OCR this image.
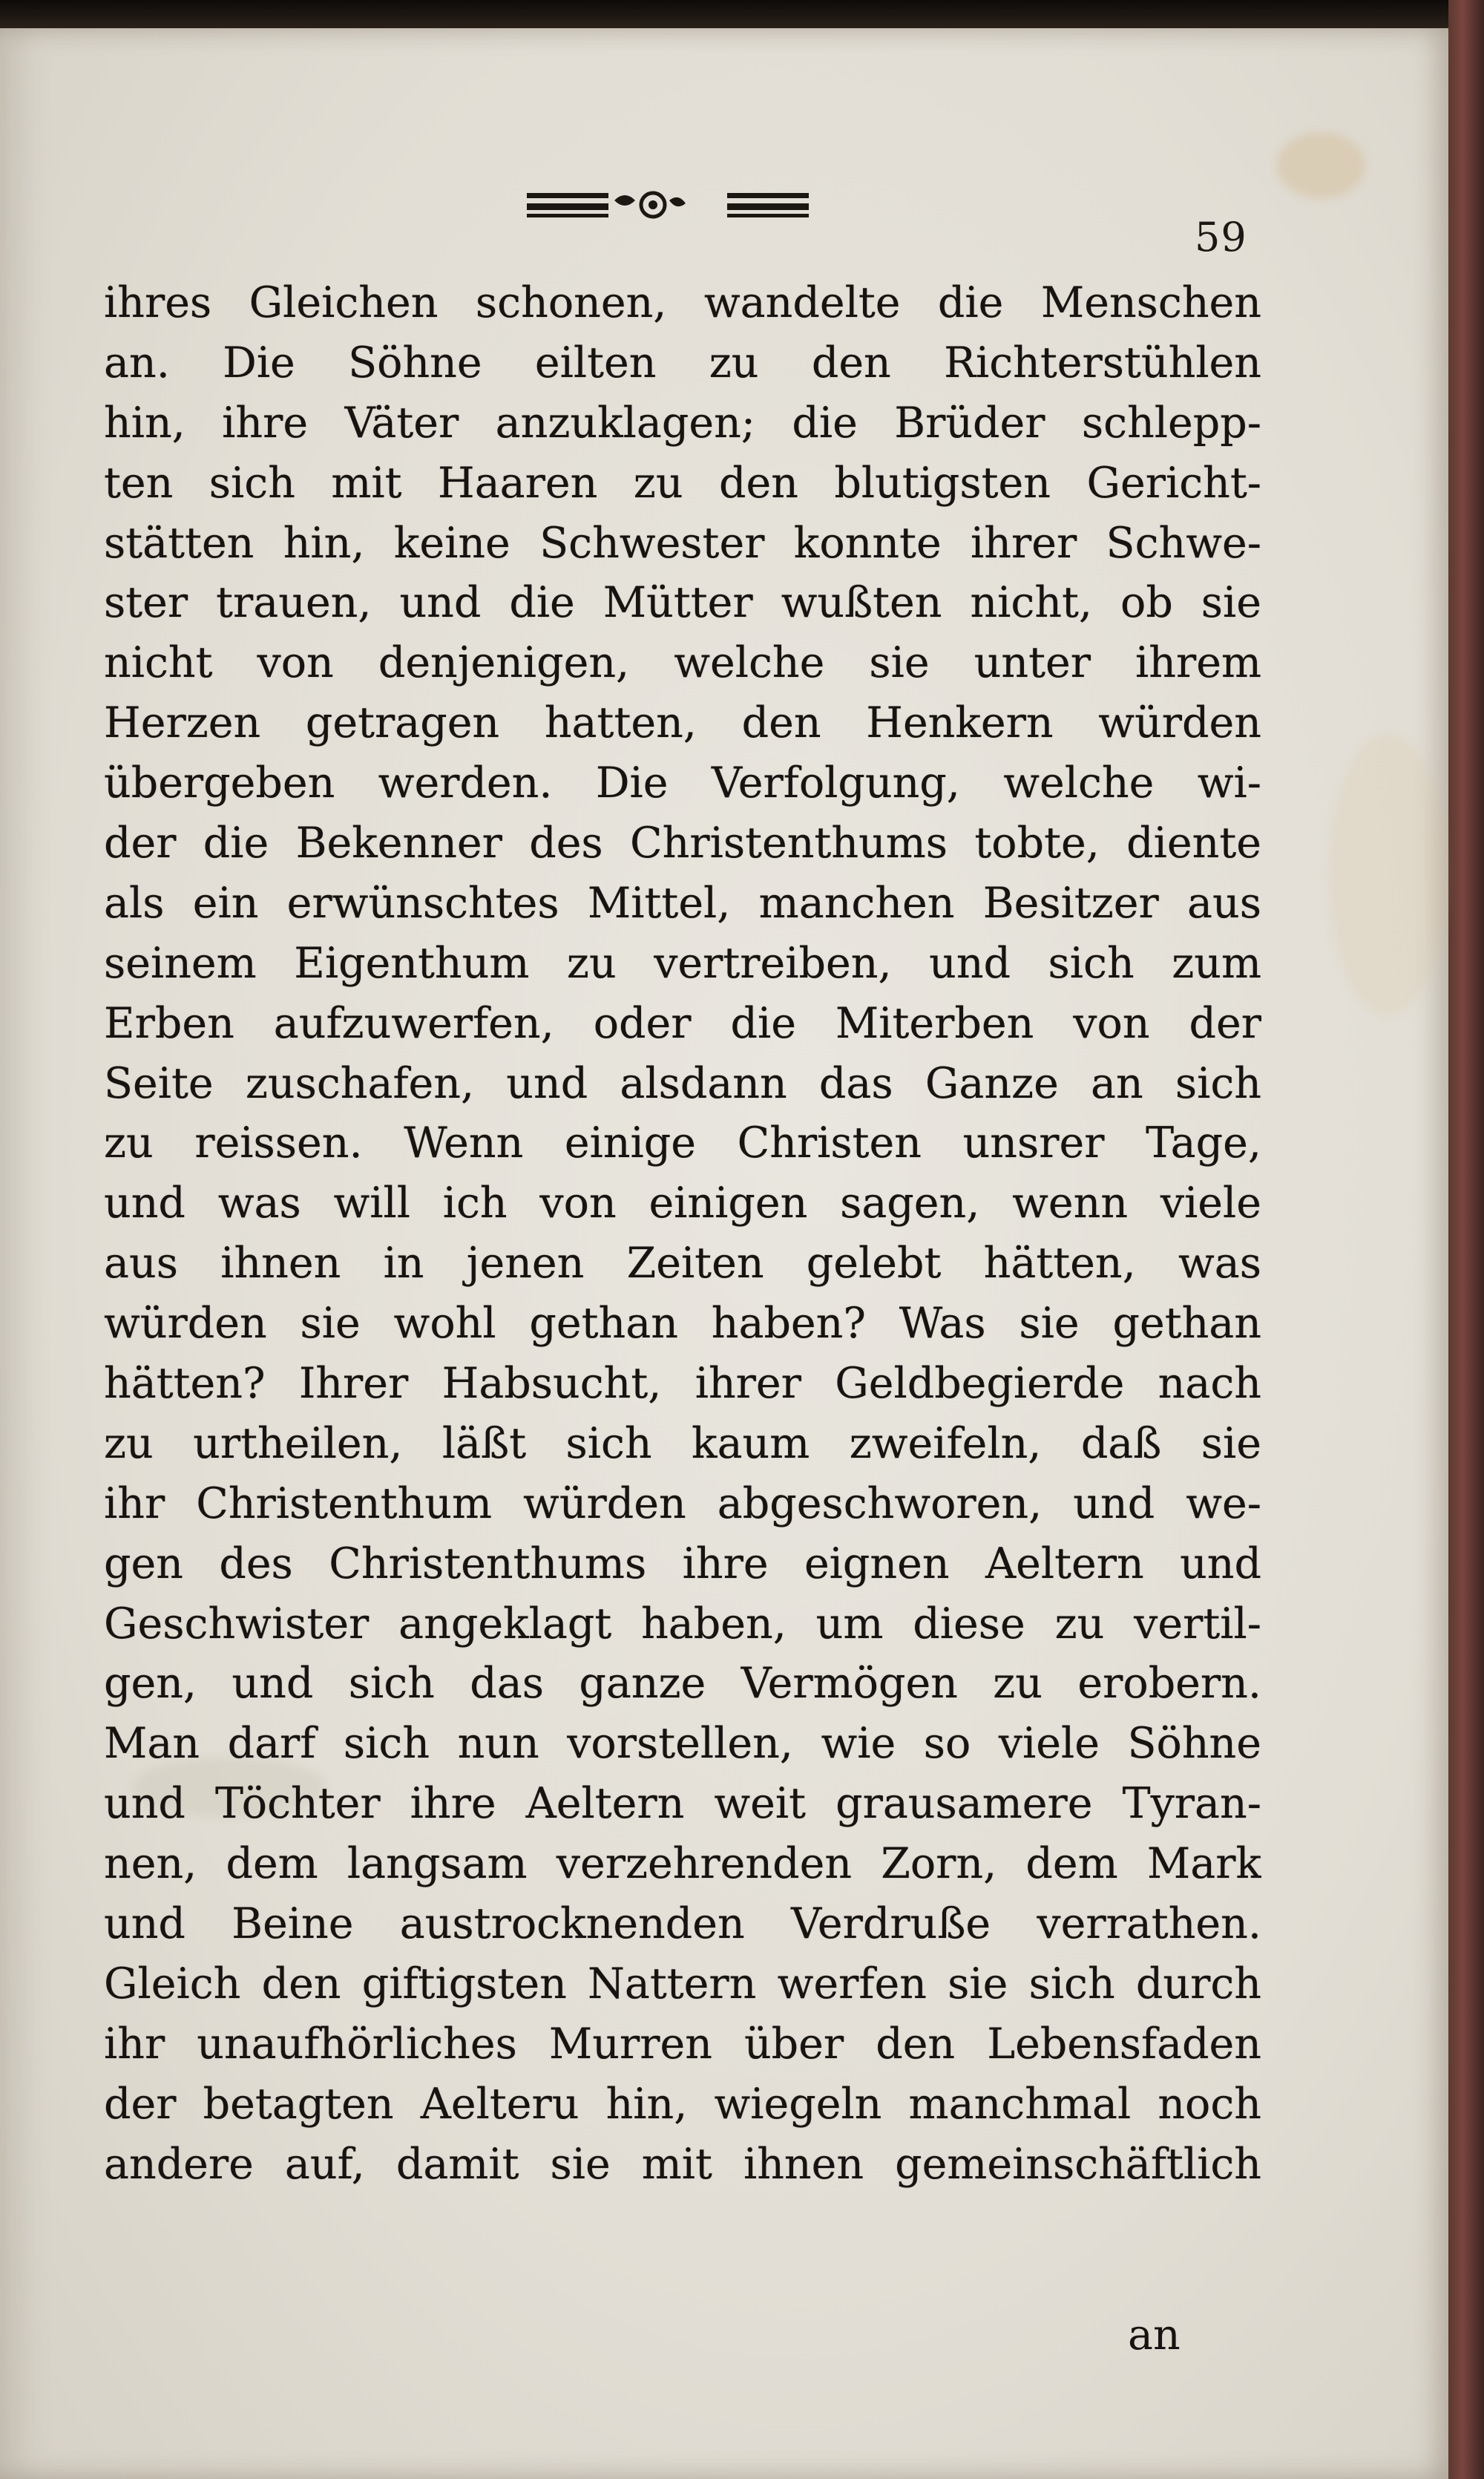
59
ihres Gleichen schonen, wandelte die Menschen
an. Die Söhne eilten zu den Richterstühlen
hin, ihre Väter anzuklagen; die Brüder schlepp-
ten sich mit Haaren zu den blutigsten Gericht-
stätten hin, keine Schwester konnte ihrer Schwe-
ster trauen, und die Mütter wußten nicht, ob sie
nicht von denjenigen, welche sie unter ihrem
Herzen getragen hatten, den Henkern würden
übergeben werden. Die Verfolgung, welche wi-
der die Bekenner des Christenthums tobte, diente
als ein erwünschtes Mittel, manchen Besitzer aus
seinem Eigenthum zu vertreiben, und sich zum
Erben aufzuwerfen, oder die Miterben von der
Seite zuschafen, und alsdann das Ganze an sich
zu reissen. Wenn einige Christen unsrer Tage,
und was will ich von einigen sagen, wenn viele
aus ihnen in jenen Zeiten gelebt hätten, was
würden sie wohl gethan haben? Was sie gethan
hätten? Ihrer Habsucht, ihrer Geldbegierde nach
zu urtheilen, läßt sich kaum zweifeln, daß sie
ihr Christenthum würden abgeschworen, und we-
gen des Christenthums ihre eignen Aeltern und
Geschwister angeklagt haben, um diese zu vertil-
gen, und sich das ganze Vermögen zu erobern.
Man darf sich nun vorstellen, wie so viele Söhne
und Töchter ihre Aeltern weit grausamere Tyran-
nen, dem langsam verzehrenden Zorn, dem Mark
und Beine austrocknenden Verdruße verrathen.
Gleich den giftigsten Nattern werfen sie sich durch
ihr unaufhörliches Murren über den Lebensfaden
der betagten Aelteru hin, wiegeln manchmal noch
andere auf, damit sie mit ihnen gemeinschäftlich
an
